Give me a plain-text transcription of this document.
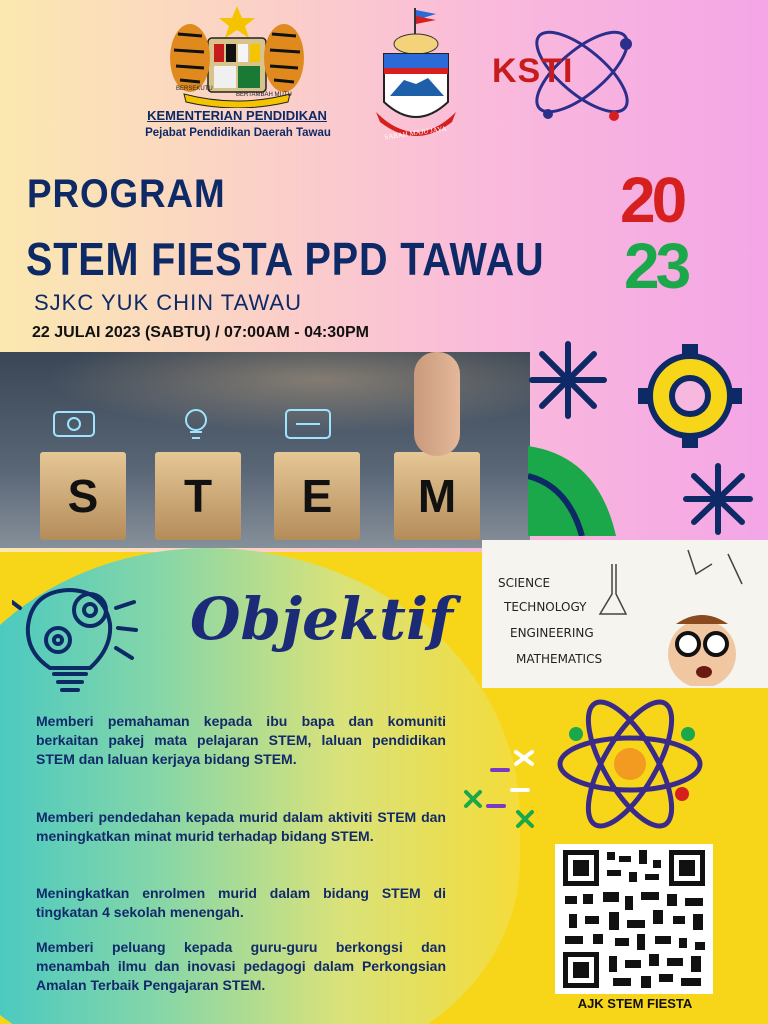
BERSEKUTU
BERTAMBAH MUTU
KEMENTERIAN PENDIDIKAN
Pejabat Pendidikan Daerah Tawau	SABAH MAJU JAYA
KSTI
PROGRAM
STEM FIESTA PPD TAWAU
SJKC YUK CHIN TAWAU
22 JULAI 2023 (SABTU) / 07:00AM - 04:30PM
20
23
S	T	E	M
SCIENCE
TECHNOLOGY
ENGINEERING
MATHEMATICS
Objektif
Memberi pemahaman kepada ibu bapa dan komuniti berkaitan pakej mata pelajaran STEM, laluan pendidikan STEM dan laluan kerjaya bidang STEM.
Memberi pendedahan kepada murid dalam aktiviti STEM dan meningkatkan minat murid terhadap bidang STEM.
Meningkatkan enrolmen murid dalam bidang STEM di tingkatan 4 sekolah menengah.
Memberi peluang kepada guru-guru berkongsi dan menambah ilmu dan inovasi pedagogi dalam Perkongsian Amalan Terbaik Pengajaran STEM.
AJK STEM FIESTA
